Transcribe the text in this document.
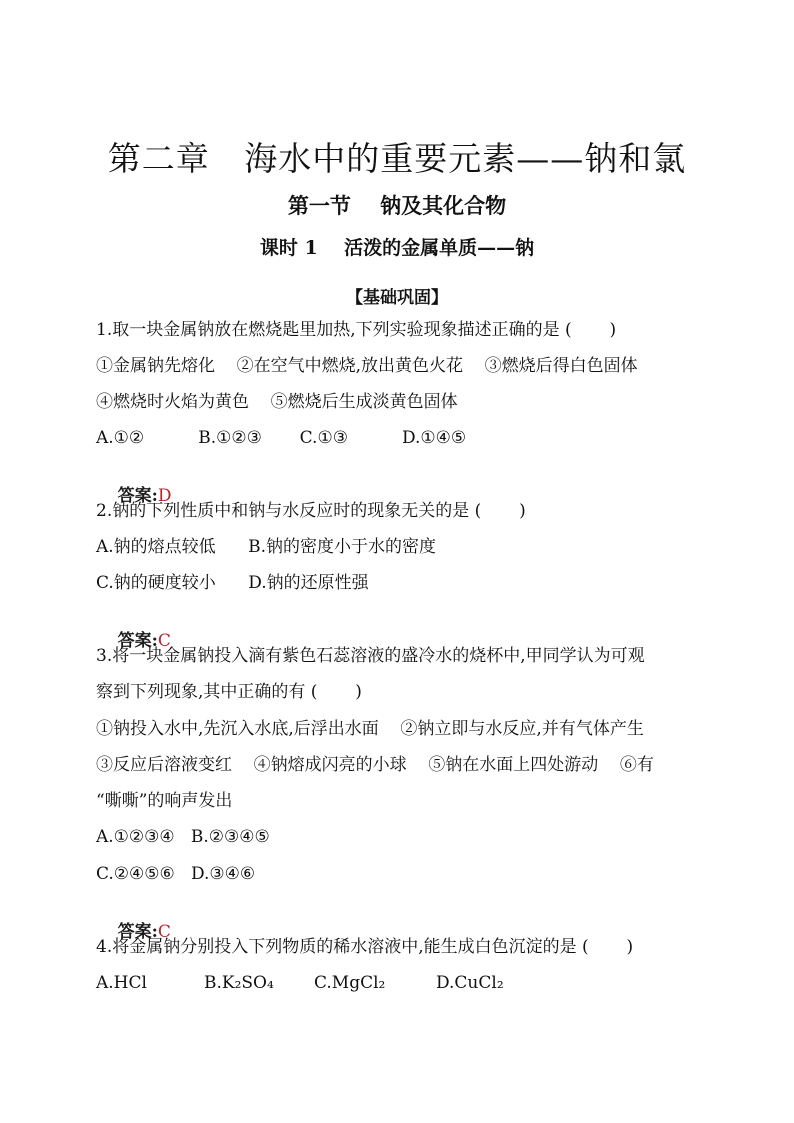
第二章   海水中的重要元素——钠和氯
第一节    钠及其化合物
课时 1    活泼的金属单质——钠
【基础巩固】
1.取一块金属钠放在燃烧匙里加热,下列实验现象描述正确的是 (       )
①金属钠先熔化    ②在空气中燃烧,放出黄色火花    ③燃烧后得白色固体
④燃烧时火焰为黄色    ⑤燃烧后生成淡黄色固体
A.①②          B.①②③       C.①③          D.①④⑤

答案:D

2.钠的下列性质中和钠与水反应时的现象无关的是 (       )
A.钠的熔点较低      B.钠的密度小于水的密度
C.钠的硬度较小      D.钠的还原性强

答案:C

3.将一块金属钠投入滴有紫色石蕊溶液的盛冷水的烧杯中,甲同学认为可观
察到下列现象,其中正确的有 (       )
①钠投入水中,先沉入水底,后浮出水面    ②钠立即与水反应,并有气体产生
③反应后溶液变红    ④钠熔成闪亮的小球    ⑤钠在水面上四处游动    ⑥有
“嘶嘶”的响声发出
A.①②③④   B.②③④⑤
C.②④⑤⑥   D.③④⑥

答案:C

4.将金属钠分别投入下列物质的稀水溶液中,能生成白色沉淀的是 (       )
A.HCl	B.K₂SO₄ C.MgCl₂	D.CuCl₂
